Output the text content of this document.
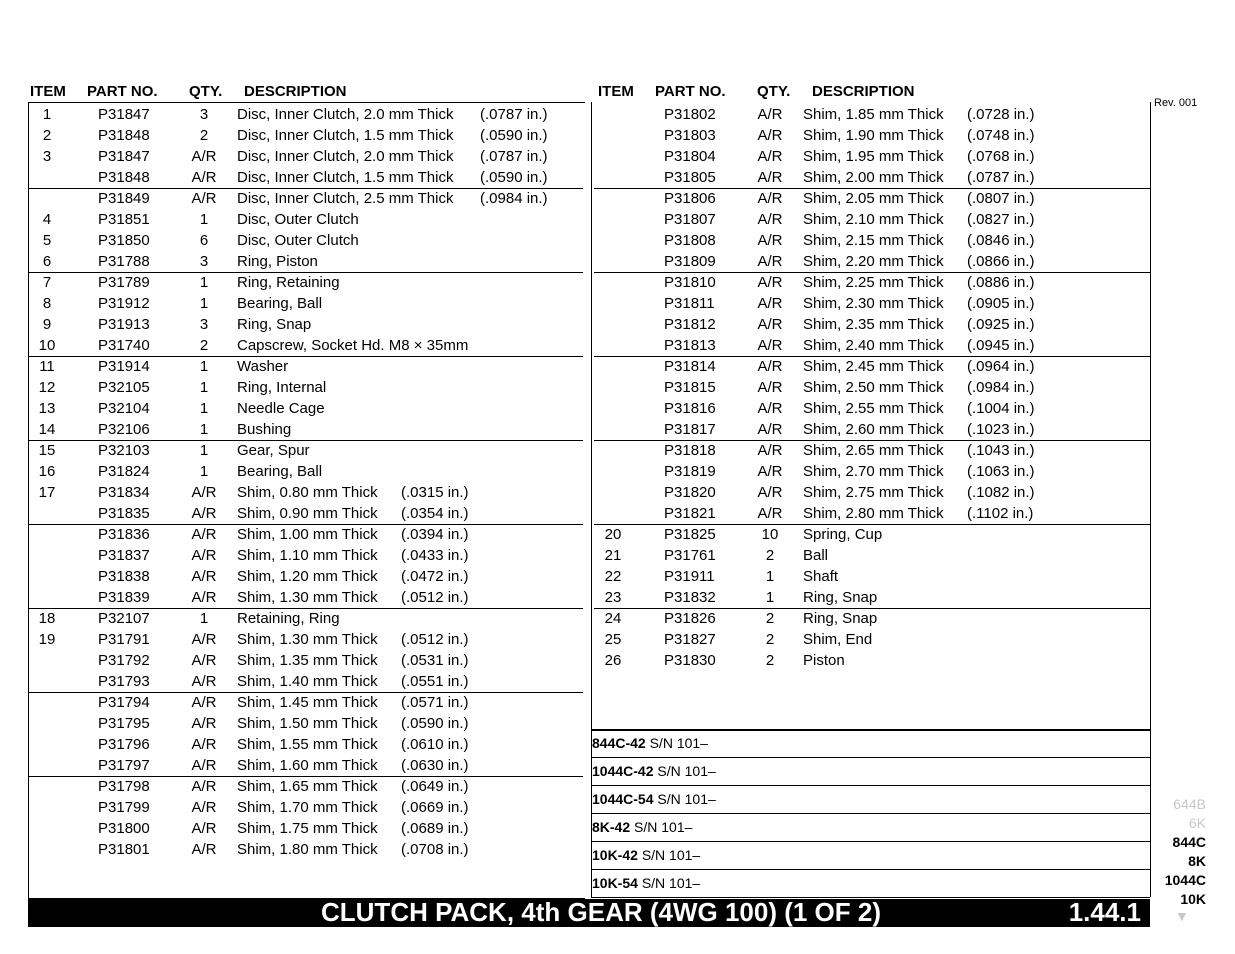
ITEM PART NO. QTY. DESCRIPTION	ITEM PART NO. QTY. DESCRIPTION
Rev. 001
1	P31847	3	Disc, Inner Clutch, 2.0 mm Thick (.0787 in.)
2	P31848	2	Disc, Inner Clutch, 1.5 mm Thick (.0590 in.)
3	P31847	A/R	Disc, Inner Clutch, 2.0 mm Thick (.0787 in.)
P31848	A/R	Disc, Inner Clutch, 1.5 mm Thick (.0590 in.)
P31849	A/R	Disc, Inner Clutch, 2.5 mm Thick (.0984 in.)
4	P31851	1	Disc, Outer Clutch
5	P31850	6	Disc, Outer Clutch
6	P31788	3	Ring, Piston
7	P31789	1	Ring, Retaining
8	P31912	1	Bearing, Ball
9	P31913	3	Ring, Snap
10	P31740	2	Capscrew, Socket Hd. M8 × 35mm
11	P31914	1	Washer
12	P32105	1	Ring, Internal
13	P32104	1	Needle Cage
14	P32106	1	Bushing
15	P32103	1	Gear, Spur
16	P31824	1	Bearing, Ball
17	P31834	A/R	Shim, 0.80 mm Thick (.0315 in.)
P31835	A/R	Shim, 0.90 mm Thick (.0354 in.)
P31836	A/R	Shim, 1.00 mm Thick (.0394 in.)
P31837	A/R	Shim, 1.10 mm Thick (.0433 in.)
P31838	A/R	Shim, 1.20 mm Thick (.0472 in.)
P31839	A/R	Shim, 1.30 mm Thick (.0512 in.)
18	P32107	1	Retaining, Ring
19	P31791	A/R	Shim, 1.30 mm Thick (.0512 in.)
P31792	A/R	Shim, 1.35 mm Thick (.0531 in.)
P31793	A/R	Shim, 1.40 mm Thick (.0551 in.)
P31794	A/R	Shim, 1.45 mm Thick (.0571 in.)
P31795	A/R	Shim, 1.50 mm Thick (.0590 in.)
P31796	A/R	Shim, 1.55 mm Thick (.0610 in.)
P31797	A/R	Shim, 1.60 mm Thick (.0630 in.)
P31798	A/R	Shim, 1.65 mm Thick (.0649 in.)
P31799	A/R	Shim, 1.70 mm Thick (.0669 in.)
P31800	A/R	Shim, 1.75 mm Thick (.0689 in.)
P31801	A/R	Shim, 1.80 mm Thick (.0708 in.)
P31802	A/R	Shim, 1.85 mm Thick (.0728 in.)
P31803	A/R	Shim, 1.90 mm Thick (.0748 in.)
P31804	A/R	Shim, 1.95 mm Thick (.0768 in.)
P31805	A/R	Shim, 2.00 mm Thick (.0787 in.)
P31806	A/R	Shim, 2.05 mm Thick (.0807 in.)
P31807	A/R	Shim, 2.10 mm Thick (.0827 in.)
P31808	A/R	Shim, 2.15 mm Thick (.0846 in.)
P31809	A/R	Shim, 2.20 mm Thick (.0866 in.)
P31810	A/R	Shim, 2.25 mm Thick (.0886 in.)
P31811	A/R	Shim, 2.30 mm Thick (.0905 in.)
P31812	A/R	Shim, 2.35 mm Thick (.0925 in.)
P31813	A/R	Shim, 2.40 mm Thick (.0945 in.)
P31814	A/R	Shim, 2.45 mm Thick (.0964 in.)
P31815	A/R	Shim, 2.50 mm Thick (.0984 in.)
P31816	A/R	Shim, 2.55 mm Thick (.1004 in.)
P31817	A/R	Shim, 2.60 mm Thick (.1023 in.)
P31818	A/R	Shim, 2.65 mm Thick (.1043 in.)
P31819	A/R	Shim, 2.70 mm Thick (.1063 in.)
P31820	A/R	Shim, 2.75 mm Thick (.1082 in.)
P31821	A/R	Shim, 2.80 mm Thick (.1102 in.)
20	P31825	10	Spring, Cup
21	P31761	2	Ball
22	P31911	1	Shaft
23	P31832	1	Ring, Snap
24	P31826	2	Ring, Snap
25	P31827	2	Shim, End
26	P31830	2	Piston
844C-42 S/N 101–
1044C-42 S/N 101–
1044C-54 S/N 101–
8K-42 S/N 101–
10K-42 S/N 101–
10K-54 S/N 101–
CLUTCH PACK, 4th GEAR (4WG 100) (1 OF 2)	1.44.1
644B
6K
844C
8K
1044C
10K
▼
